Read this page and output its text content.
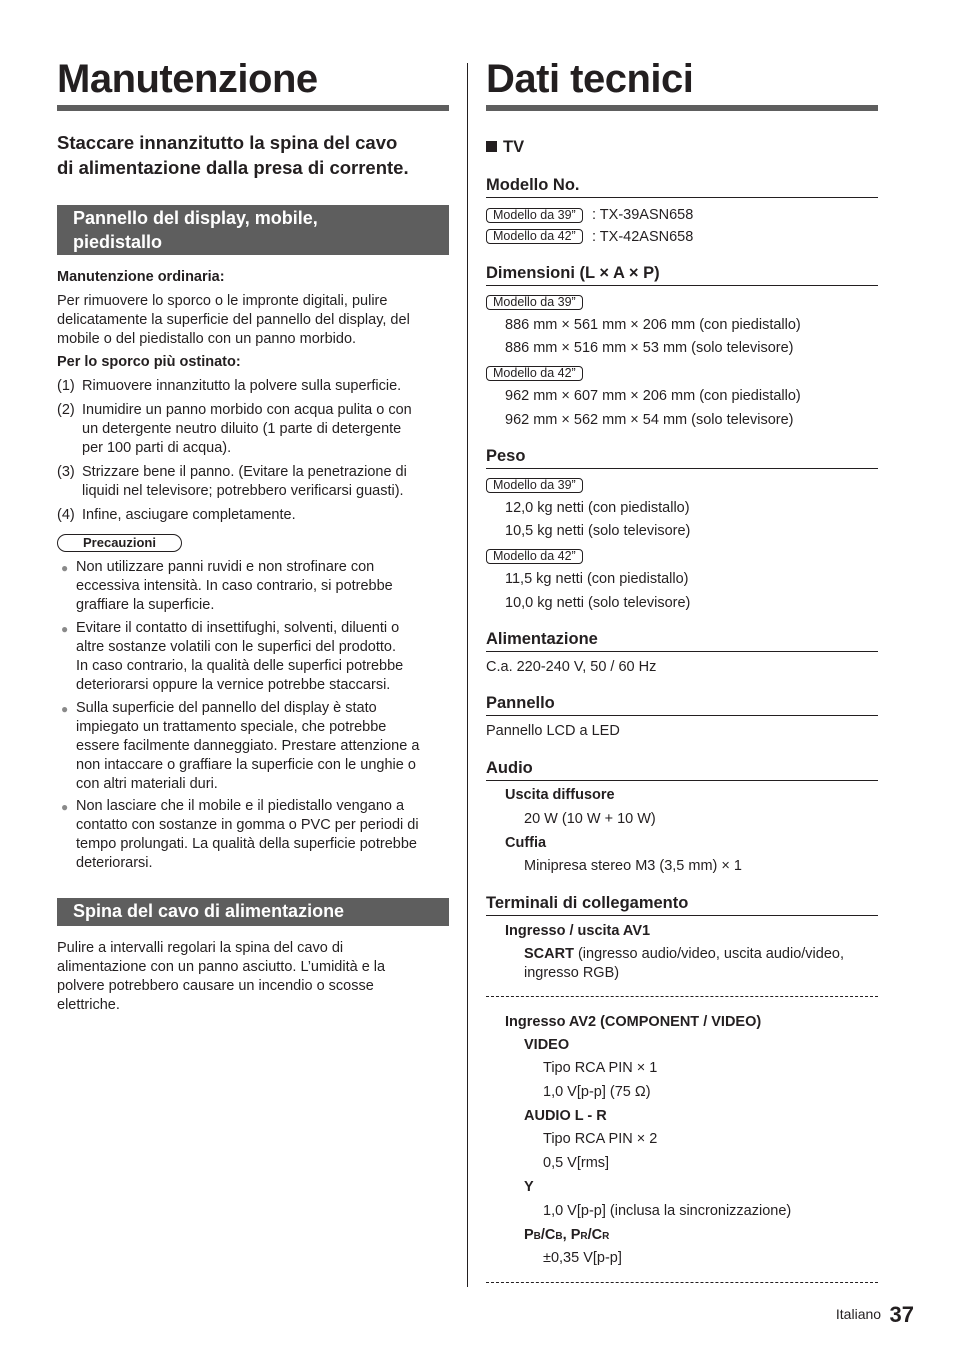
Manutenzione
Staccare innanzitutto la spina del cavo
di alimentazione dalla presa di corrente.
Pannello del display, mobile,
piedistallo
Manutenzione ordinaria:
Per rimuovere lo sporco o le impronte digitali, pulire
delicatamente la superficie del pannello del display, del
mobile o del piedistallo con un panno morbido.
Per lo sporco più ostinato:
(1) Rimuovere innanzitutto la polvere sulla superficie.
(2) Inumidire un panno morbido con acqua pulita o con
un detergente neutro diluito (1 parte di detergente
per 100 parti di acqua).
(3) Strizzare bene il panno. (Evitare la penetrazione di
liquidi nel televisore; potrebbero verificarsi guasti).
(4) Infine, asciugare completamente.
Precauzioni
● Non utilizzare panni ruvidi e non strofinare con
eccessiva intensità. In caso contrario, si potrebbe
graffiare la superficie.
● Evitare il contatto di insettifughi, solventi, diluenti o
altre sostanze volatili con le superfici del prodotto.
In caso contrario, la qualità delle superfici potrebbe
deteriorarsi oppure la vernice potrebbe staccarsi.
● Sulla superficie del pannello del display è stato
impiegato un trattamento speciale, che potrebbe
essere facilmente danneggiato. Prestare attenzione a
non intaccare o graffiare la superficie con le unghie o
con altri materiali duri.
● Non lasciare che il mobile e il piedistallo vengano a
contatto con sostanze in gomma o PVC per periodi di
tempo prolungati. La qualità della superficie potrebbe
deteriorarsi.
Spina del cavo di alimentazione
Pulire a intervalli regolari la spina del cavo di
alimentazione con un panno asciutto. L’umidità e la
polvere potrebbero causare un incendio o scosse
elettriche.
Dati tecnici
TV
Modello No.
Modello da 39”	: TX-39ASN658
Modello da 42”	: TX-42ASN658
Dimensioni (L × A × P)
Modello da 39”
886 mm × 561 mm × 206 mm (con piedistallo)
886 mm × 516 mm × 53 mm (solo televisore)
Modello da 42”
962 mm × 607 mm × 206 mm (con piedistallo)
962 mm × 562 mm × 54 mm (solo televisore)
Peso
Modello da 39”
12,0 kg netti (con piedistallo)
10,5 kg netti (solo televisore)
Modello da 42”
11,5 kg netti (con piedistallo)
10,0 kg netti (solo televisore)
Alimentazione
C.a. 220-240 V, 50 / 60 Hz
Pannello
Pannello LCD a LED
Audio
Uscita diffusore
20 W (10 W + 10 W)
Cuffia
Minipresa stereo M3 (3,5 mm) × 1
Terminali di collegamento
Ingresso / uscita AV1
SCART (ingresso audio/video, uscita audio/video,
ingresso RGB)
Ingresso AV2 (COMPONENT / VIDEO)
VIDEO
Tipo RCA PIN × 1
1,0 V[p-p] (75 Ω)
AUDIO L - R
Tipo RCA PIN × 2
0,5 V[rms]
Y
1,0 V[p-p] (inclusa la sincronizzazione)
PB/CB, PR/CR
±0,35 V[p-p]
Italiano 37
